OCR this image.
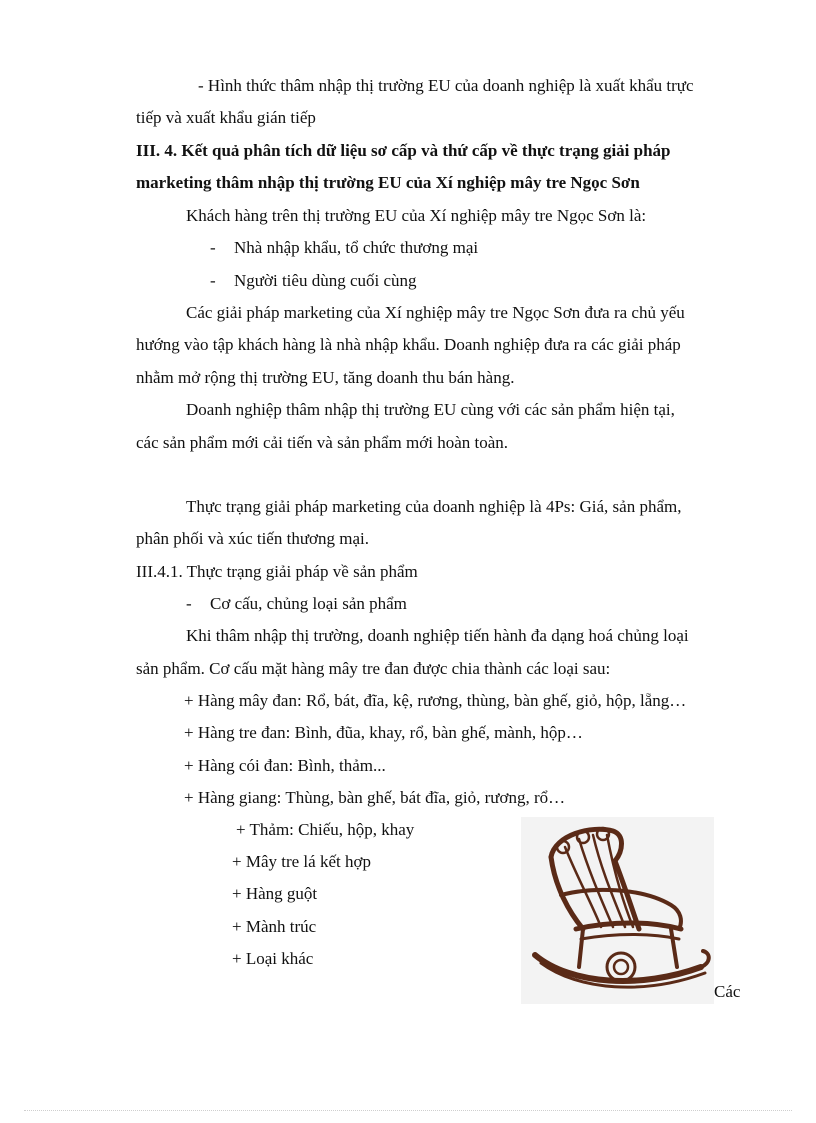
- Hình thức thâm nhập thị trường EU của doanh nghiệp là xuất khẩu trực
tiếp và xuất khẩu gián tiếp
III. 4. Kết quả phân tích dữ liệu sơ cấp và thứ cấp về thực trạng giải pháp
marketing thâm nhập thị trường EU của Xí nghiệp mây tre Ngọc Sơn
Khách hàng trên thị trường EU của Xí nghiệp mây tre Ngọc Sơn là:
- Nhà nhập khẩu, tổ chức thương mại
- Người tiêu dùng cuối cùng
Các giải pháp marketing của Xí nghiệp mây tre Ngọc Sơn đưa ra chủ yếu
hướng vào tập khách hàng là nhà nhập khẩu. Doanh nghiệp đưa ra các giải pháp
nhằm mở rộng thị trường EU, tăng doanh thu bán hàng.
Doanh nghiệp thâm nhập thị trường EU cùng với các sản phẩm hiện tại,
các sản phẩm mới cải tiến và sản phẩm mới hoàn toàn.
Thực trạng giải pháp marketing của doanh nghiệp là 4Ps: Giá, sản phẩm,
phân phối và xúc tiến thương mại.
III.4.1. Thực trạng giải pháp về sản phẩm
- Cơ cấu, chủng loại sản phẩm
Khi thâm nhập thị trường, doanh nghiệp tiến hành đa dạng hoá chủng loại
sản phẩm. Cơ cấu mặt hàng mây tre đan được chia thành các loại sau:
+ Hàng mây đan: Rổ, bát, đĩa, kệ, rương, thùng, bàn ghế, giỏ, hộp, lẵng…
+ Hàng tre đan: Bình, đũa, khay, rổ, bàn ghế, mành, hộp…
+ Hàng cói đan: Bình, thảm...
+ Hàng giang: Thùng, bàn ghế, bát đĩa, giỏ, rương, rổ…
+ Thảm: Chiếu, hộp, khay
+ Mây tre lá kết hợp
+ Hàng guột
+ Mành trúc
+ Loại khác
Các
